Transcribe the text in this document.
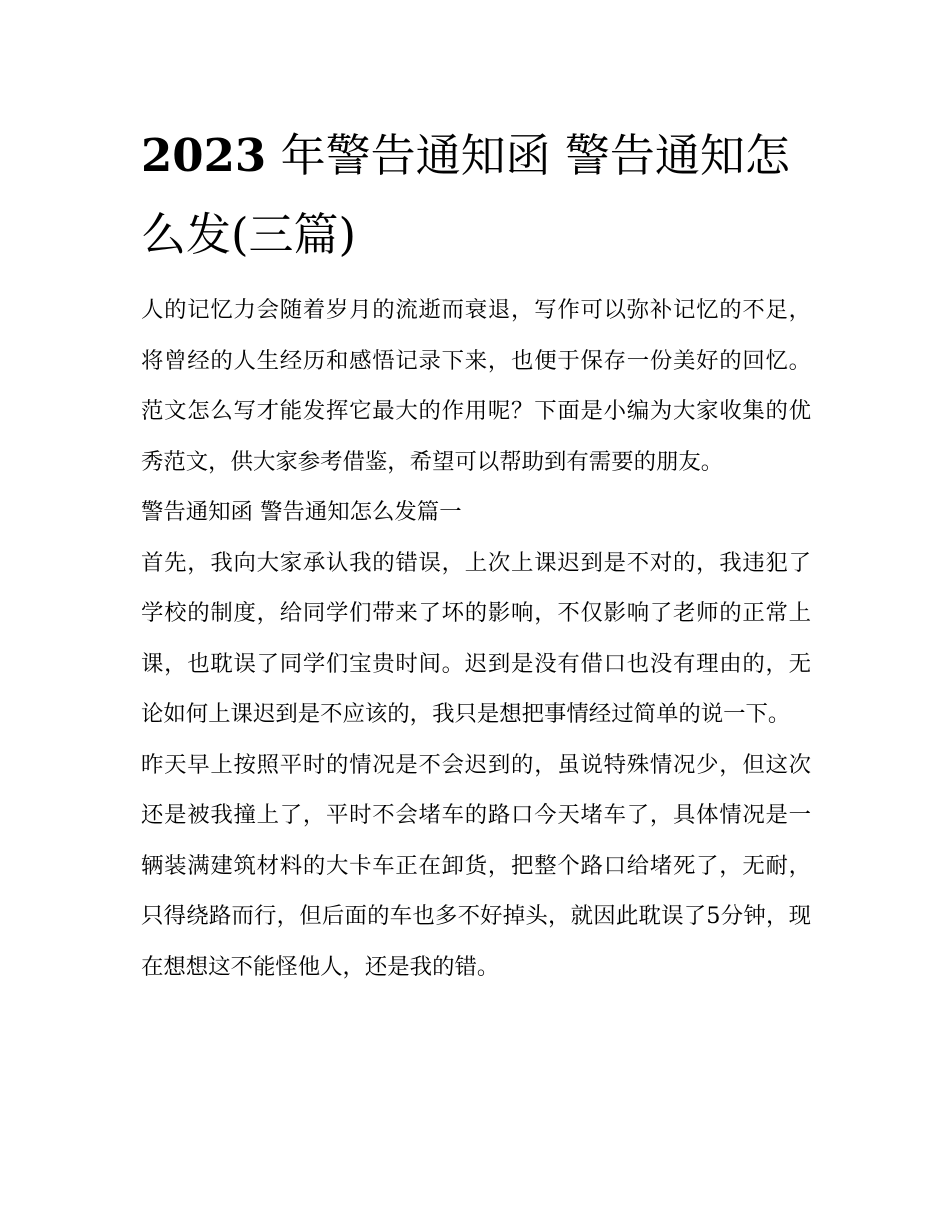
2023 年警告通知函 警告通知怎么发(三篇)

人的记忆力会随着岁月的流逝而衰退，写作可以弥补记忆的不足，将曾经的人生经历和感悟记录下来，也便于保存一份美好的回忆。范文怎么写才能发挥它最大的作用呢？下面是小编为大家收集的优秀范文，供大家参考借鉴，希望可以帮助到有需要的朋友。

警告通知函 警告通知怎么发篇一

首先，我向大家承认我的错误，上次上课迟到是不对的，我违犯了学校的制度，给同学们带来了坏的影响，不仅影响了老师的正常上课，也耽误了同学们宝贵时间。迟到是没有借口也没有理由的，无论如何上课迟到是不应该的，我只是想把事情经过简单的说一下。

昨天早上按照平时的情况是不会迟到的，虽说特殊情况少，但这次还是被我撞上了，平时不会堵车的路口今天堵车了，具体情况是一辆装满建筑材料的大卡车正在卸货，把整个路口给堵死了，无耐，只得绕路而行，但后面的车也多不好掉头，就因此耽误了5分钟，现在想想这不能怪他人，还是我的错。
